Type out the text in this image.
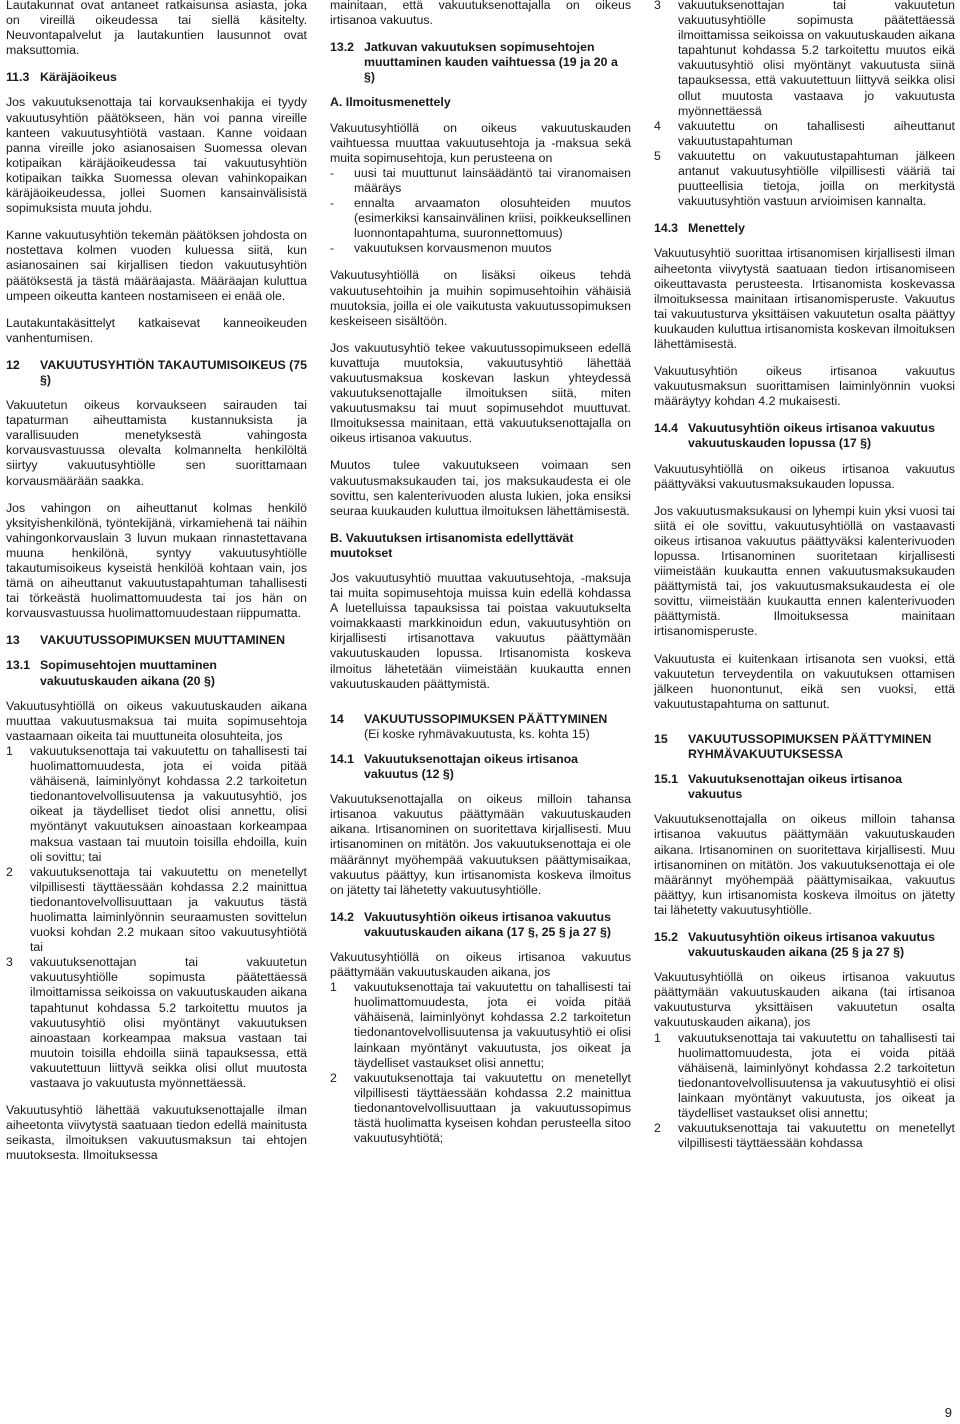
Lautakunnat ovat antaneet ratkaisunsa asiasta, joka on vireillä oikeudessa tai siellä käsitelty. Neuvontapalvelut ja lautakuntien lausunnot ovat maksuttomia.

11.3 Käräjäoikeus

Jos vakuutuksenottaja tai korvauksenhakija ei tyydy vakuutusyhtiön päätökseen, hän voi panna vireille kanteen vakuutusyhtiötä vastaan. Kanne voidaan panna vireille joko asianosaisen Suomessa olevan kotipaikan käräjäoikeudessa tai vakuutusyhtiön kotipaikan taikka Suomessa olevan vahinkopaikan käräjäoikeudessa, jollei Suomen kansainvälisistä sopimuksista muuta johdu.

Kanne vakuutusyhtiön tekemän päätöksen johdosta on nostettava kolmen vuoden kuluessa siitä, kun asianosainen sai kirjallisen tiedon vakuutusyhtiön päätöksestä ja tästä määräajasta. Määräajan kuluttua umpeen oikeutta kanteen nostamiseen ei enää ole.

Lautakuntakäsittelyt katkaisevat kanneoikeuden vanhentumisen.

12	VAKUUTUSYHTIÖN TAKAUTUMISOIKEUS (75 §)

Vakuutetun oikeus korvaukseen sairauden tai tapaturman aiheuttamista kustannuksista ja varallisuuden menetyksestä vahingosta korvausvastuussa olevalta kolmannelta henkilöltä siirtyy vakuutusyhtiölle sen suorittamaan korvausmäärään saakka.

Jos vahingon on aiheuttanut kolmas henkilö yksityishenkilönä, työntekijänä, virkamiehenä tai näihin vahingonkorvauslain 3 luvun mukaan rinnastettavana muuna henkilönä, syntyy vakuutusyhtiölle takautumisoikeus kyseistä henkilöä kohtaan vain, jos tämä on aiheuttanut vakuutustapahtuman tahallisesti tai törkeästä huolimattomuudesta tai jos hän on korvausvastuussa huolimattomuudestaan riippumatta.

13	VAKUUTUSSOPIMUKSEN MUUTTAMINEN
13.1 Sopimusehtojen muuttaminen vakuutuskauden aikana (20 §)

Vakuutusyhtiöllä on oikeus vakuutuskauden aikana muuttaa vakuutusmaksua tai muita sopimusehtoja vastaamaan oikeita tai muuttuneita olosuhteita, jos

1	vakuutuksenottaja tai vakuutettu on tahallisesti tai huolimattomuudesta, jota ei voida pitää vähäisenä, laiminlyönyt kohdassa 2.2 tarkoitetun tiedonantovelvollisuutensa ja vakuutusyhtiö, jos oikeat ja täydelliset tiedot olisi annettu, olisi myöntänyt vakuutuksen ainoastaan korkeampaa maksua vastaan tai muutoin toisilla ehdoilla, kuin oli sovittu; tai
2	vakuutuksenottaja tai vakuutettu on menetellyt vilpillisesti täyttäessään kohdassa 2.2 mainittua tiedonantovelvollisuuttaan ja vakuutus tästä huolimatta laiminlyönnin seuraamusten sovittelun vuoksi kohdan 2.2 mukaan sitoo vakuutusyhtiötä tai
3	vakuutuksenottajan tai vakuutetun vakuutusyhtiölle sopimusta päätettäessä ilmoittamissa seikoissa on vakuutuskauden aikana tapahtunut kohdassa 5.2 tarkoitettu muutos ja vakuutusyhtiö olisi myöntänyt vakuutuksen ainoastaan korkeampaa maksua vastaan tai muutoin toisilla ehdoilla siinä tapauksessa, että vakuutettuun liittyvä seikka olisi ollut muutosta vastaava jo vakuutusta myönnettäessä.

Vakuutusyhtiö lähettää vakuutuksenottajalle ilman aiheetonta viivytystä saatuaan tiedon edellä mainitusta seikasta, ilmoituksen vakuutusmaksun tai ehtojen muutoksesta. Ilmoituksessa

mainitaan, että vakuutuksenottajalla on oikeus irtisanoa vakuutus.

13.2 Jatkuvan vakuutuksen sopimusehtojen muuttaminen kauden vaihtuessa (19 ja 20 a §)
A. Ilmoitusmenettely

Vakuutusyhtiöllä on oikeus vakuutuskauden vaihtuessa muuttaa vakuutusehtoja ja -maksua sekä muita sopimusehtoja, kun perusteena on

-	uusi tai muuttunut lainsäädäntö tai viranomaisen määräys
-	ennalta arvaamaton olosuhteiden muutos (esimerkiksi kansainvälinen kriisi, poikkeuksellinen luonnontapahtuma, suuronnettomuus)
-	vakuutuksen korvausmenon muutos

Vakuutusyhtiöllä on lisäksi oikeus tehdä vakuutusehtoihin ja muihin sopimusehtoihin vähäisiä muutoksia, joilla ei ole vaikutusta vakuutussopimuksen keskeiseen sisältöön.

Jos vakuutusyhtiö tekee vakuutussopimukseen edellä kuvattuja muutoksia, vakuutusyhtiö lähettää vakuutusmaksua koskevan laskun yhteydessä vakuutuksenottajalle ilmoituksen siitä, miten vakuutusmaksu tai muut sopimusehdot muuttuvat. Ilmoituksessa mainitaan, että vakuutuksenottajalla on oikeus irtisanoa vakuutus.

Muutos tulee vakuutukseen voimaan sen vakuutusmaksukauden tai, jos maksukaudesta ei ole sovittu, sen kalenterivuoden alusta lukien, joka ensiksi seuraa kuukauden kuluttua ilmoituksen lähettämisestä.

B. Vakuutuksen irtisanomista edellyttävät muutokset

Jos vakuutusyhtiö muuttaa vakuutusehtoja, -maksuja tai muita sopimusehtoja muissa kuin edellä kohdassa A luetelluissa tapauksissa tai poistaa vakuutukselta voimakkaasti markkinoidun edun, vakuutusyhtiön on kirjallisesti irtisanottava vakuutus päättymään vakuutuskauden lopussa. Irtisanomista koskeva ilmoitus lähetetään viimeistään kuukautta ennen vakuutuskauden päättymistä.

14	VAKUUTUSSOPIMUKSEN PÄÄTTYMINEN
(Ei koske ryhmävakuutusta, ks. kohta 15)
14.1 Vakuutuksenottajan oikeus irtisanoa vakuutus (12 §)

Vakuutuksenottajalla on oikeus milloin tahansa irtisanoa vakuutus päättymään vakuutuskauden aikana. Irtisanominen on suoritettava kirjallisesti. Muu irtisanominen on mitätön. Jos vakuutuksenottaja ei ole määrännyt myöhempää vakuutuksen päättymisaikaa, vakuutus päättyy, kun irtisanomista koskeva ilmoitus on jätetty tai lähetetty vakuutusyhtiölle.

14.2 Vakuutusyhtiön oikeus irtisanoa vakuutus vakuutuskauden aikana (17 §, 25 § ja 27 §)

Vakuutusyhtiöllä on oikeus irtisanoa vakuutus päättymään vakuutuskauden aikana, jos

1	vakuutuksenottaja tai vakuutettu on tahallisesti tai huolimattomuudesta, jota ei voida pitää vähäisenä, laiminlyönyt kohdassa 2.2 tarkoitetun tiedonantovelvollisuutensa ja vakuutusyhtiö ei olisi lainkaan myöntänyt vakuutusta, jos oikeat ja täydelliset vastaukset olisi annettu;
2	vakuutuksenottaja tai vakuutettu on menetellyt vilpillisesti täyttäessään kohdassa 2.2 mainittua tiedonantovelvollisuuttaan ja vakuutussopimus tästä huolimatta kyseisen kohdan perusteella sitoo vakuutusyhtiötä;
3	vakuutuksenottajan tai vakuutetun vakuutusyhtiölle sopimusta päätettäessä ilmoittamissa seikoissa on vakuutuskauden aikana tapahtunut kohdassa 5.2 tarkoitettu muutos eikä vakuutusyhtiö olisi myöntänyt vakuutusta siinä tapauksessa, että vakuutettuun liittyvä seikka olisi ollut muutosta vastaava jo vakuutusta myönnettäessä
4	vakuutettu on tahallisesti aiheuttanut vakuutustapahtuman
5	vakuutettu on vakuutustapahtuman jälkeen antanut vakuutusyhtiölle vilpillisesti vääriä tai puutteellisia tietoja, joilla on merkitystä vakuutusyhtiön vastuun arvioimisen kannalta.
14.3 Menettely

Vakuutusyhtiö suorittaa irtisanomisen kirjallisesti ilman aiheetonta viivytystä saatuaan tiedon irtisanomiseen oikeuttavasta perusteesta. Irtisanomista koskevassa ilmoituksessa mainitaan irtisanomisperuste. Vakuutus tai vakuutusturva yksittäisen vakuutetun osalta päättyy kuukauden kuluttua irtisanomista koskevan ilmoituksen lähettämisestä.

Vakuutusyhtiön oikeus irtisanoa vakuutus vakuutusmaksun suorittamisen laiminlyönnin vuoksi määräytyy kohdan 4.2 mukaisesti.

14.4 Vakuutusyhtiön oikeus irtisanoa vakuutus vakuutuskauden lopussa (17 §)

Vakuutusyhtiöllä on oikeus irtisanoa vakuutus päättyväksi vakuutusmaksukauden lopussa.

Jos vakuutusmaksukausi on lyhempi kuin yksi vuosi tai siitä ei ole sovittu, vakuutusyhtiöllä on vastaavasti oikeus irtisanoa vakuutus päättyväksi kalenterivuoden lopussa. Irtisanominen suoritetaan kirjallisesti viimeistään kuukautta ennen vakuutusmaksukauden päättymistä tai, jos vakuutusmaksukaudesta ei ole sovittu, viimeistään kuukautta ennen kalenterivuoden päättymistä. Ilmoituksessa mainitaan irtisanomisperuste.

Vakuutusta ei kuitenkaan irtisanota sen vuoksi, että vakuutetun terveydentila on vakuutuksen ottamisen jälkeen huonontunut, eikä sen vuoksi, että vakuutustapahtuma on sattunut.

15	VAKUUTUSSOPIMUKSEN PÄÄTTYMINEN RYHMÄVAKUUTUKSESSA
15.1 Vakuutuksenottajan oikeus irtisanoa vakuutus

Vakuutuksenottajalla on oikeus milloin tahansa irtisanoa vakuutus päättymään vakuutuskauden aikana. Irtisanominen on suoritettava kirjallisesti. Muu irtisanominen on mitätön. Jos vakuutuksenottaja ei ole määrännyt myöhempää päättymisaikaa, vakuutus päättyy, kun irtisanomista koskeva ilmoitus on jätetty tai lähetetty vakuutusyhtiölle.

15.2 Vakuutusyhtiön oikeus irtisanoa vakuutus vakuutuskauden aikana (25 § ja 27 §)

Vakuutusyhtiöllä on oikeus irtisanoa vakuutus päättymään vakuutuskauden aikana (tai irtisanoa vakuutusturva yksittäisen vakuutetun osalta vakuutuskauden aikana), jos

1	vakuutuksenottaja tai vakuutettu on tahallisesti tai huolimattomuudesta, jota ei voida pitää vähäisenä, laiminlyönyt kohdassa 2.2 tarkoitetun tiedonantovelvollisuutensa ja vakuutusyhtiö ei olisi lainkaan myöntänyt vakuutusta, jos oikeat ja täydelliset vastaukset olisi annettu;
2	vakuutuksenottaja tai vakuutettu on menetellyt vilpillisesti täyttäessään kohdassa
9
